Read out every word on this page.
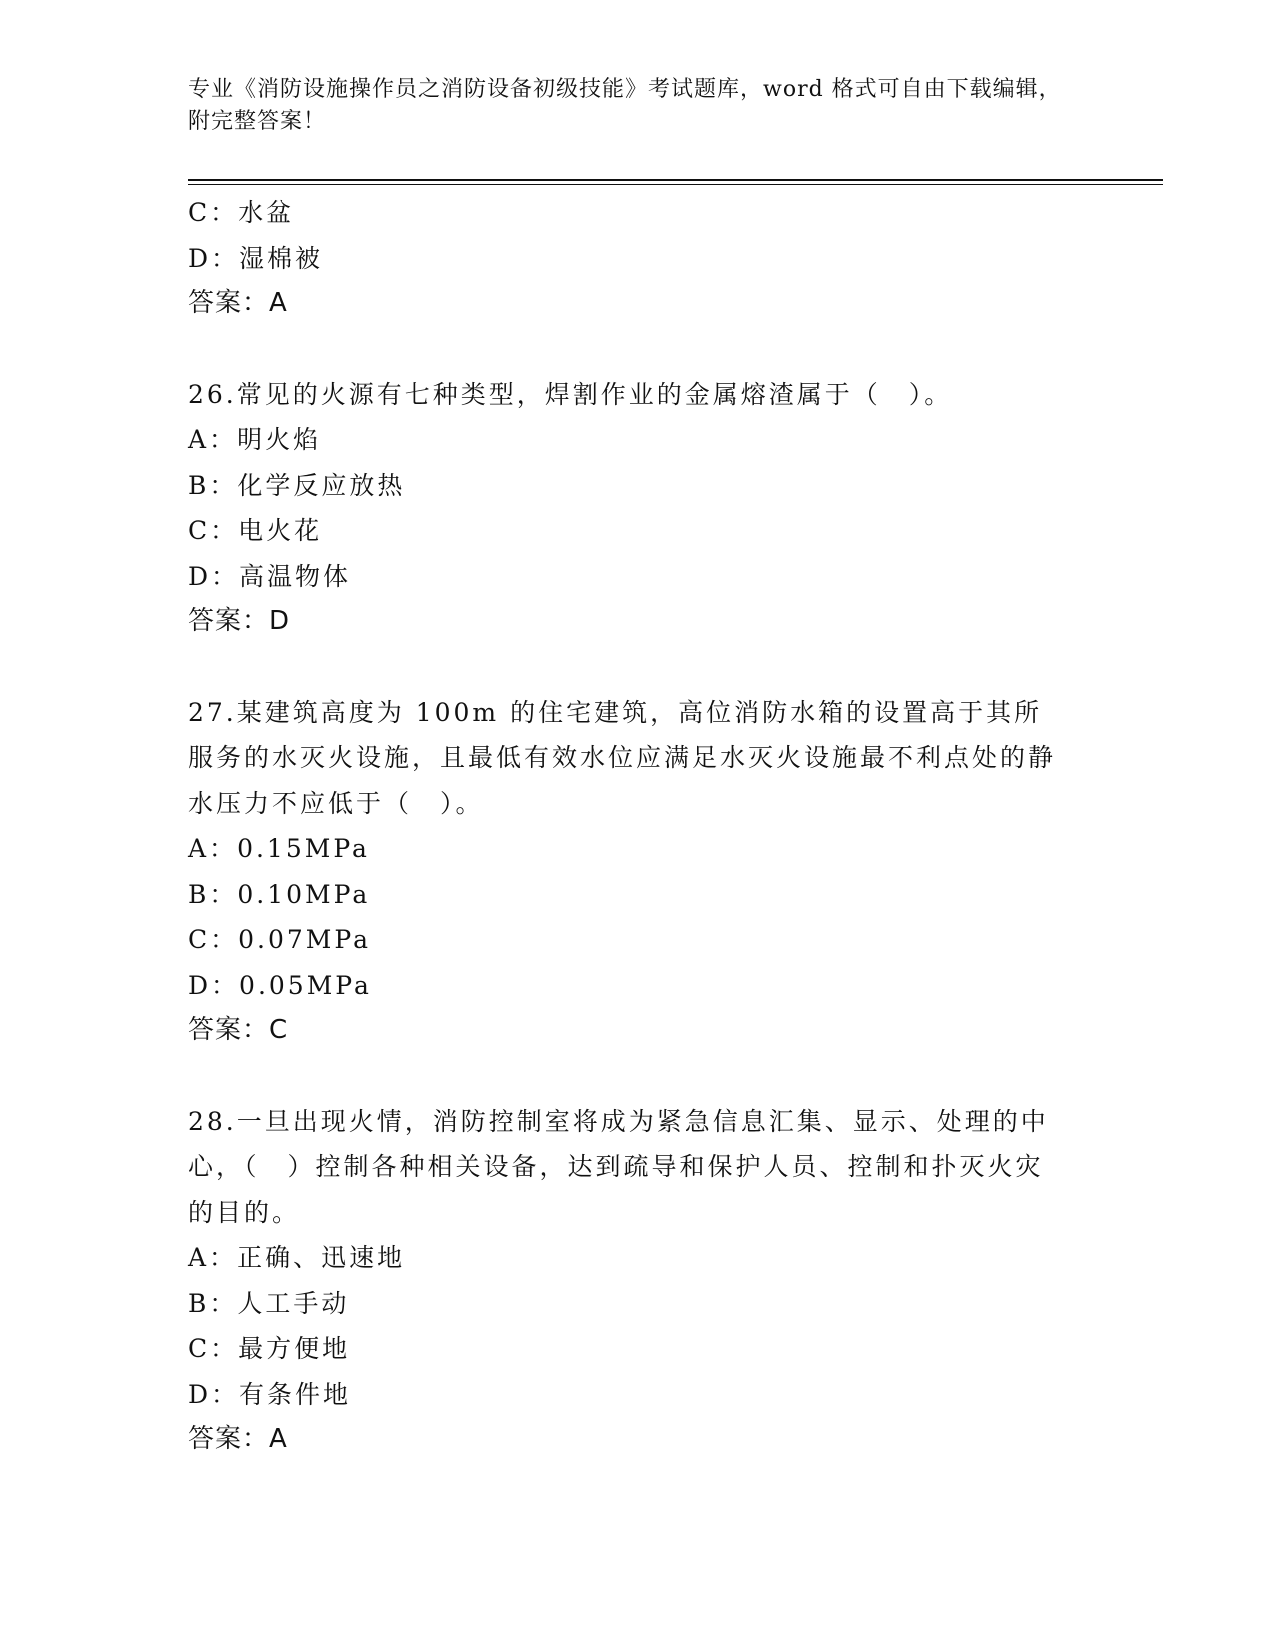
专业《消防设施操作员之消防设备初级技能》考试题库，word 格式可自由下载编辑，附完整答案！

C：水盆

D：湿棉被

答案：A

26.常见的火源有七种类型，焊割作业的金属熔渣属于（　）。

A：明火焰

B：化学反应放热

C：电火花

D：高温物体

答案：D

27.某建筑高度为 100m 的住宅建筑，高位消防水箱的设置高于其所服务的水灭火设施，且最低有效水位应满足水灭火设施最不利点处的静水压力不应低于（　）。

A：0.15MPa

B：0.10MPa

C：0.07MPa

D：0.05MPa

答案：C

28.一旦出现火情，消防控制室将成为紧急信息汇集、显示、处理的中心，（　）控制各种相关设备，达到疏导和保护人员、控制和扑灭火灾的目的。

A：正确、迅速地

B：人工手动

C：最方便地

D：有条件地

答案：A
